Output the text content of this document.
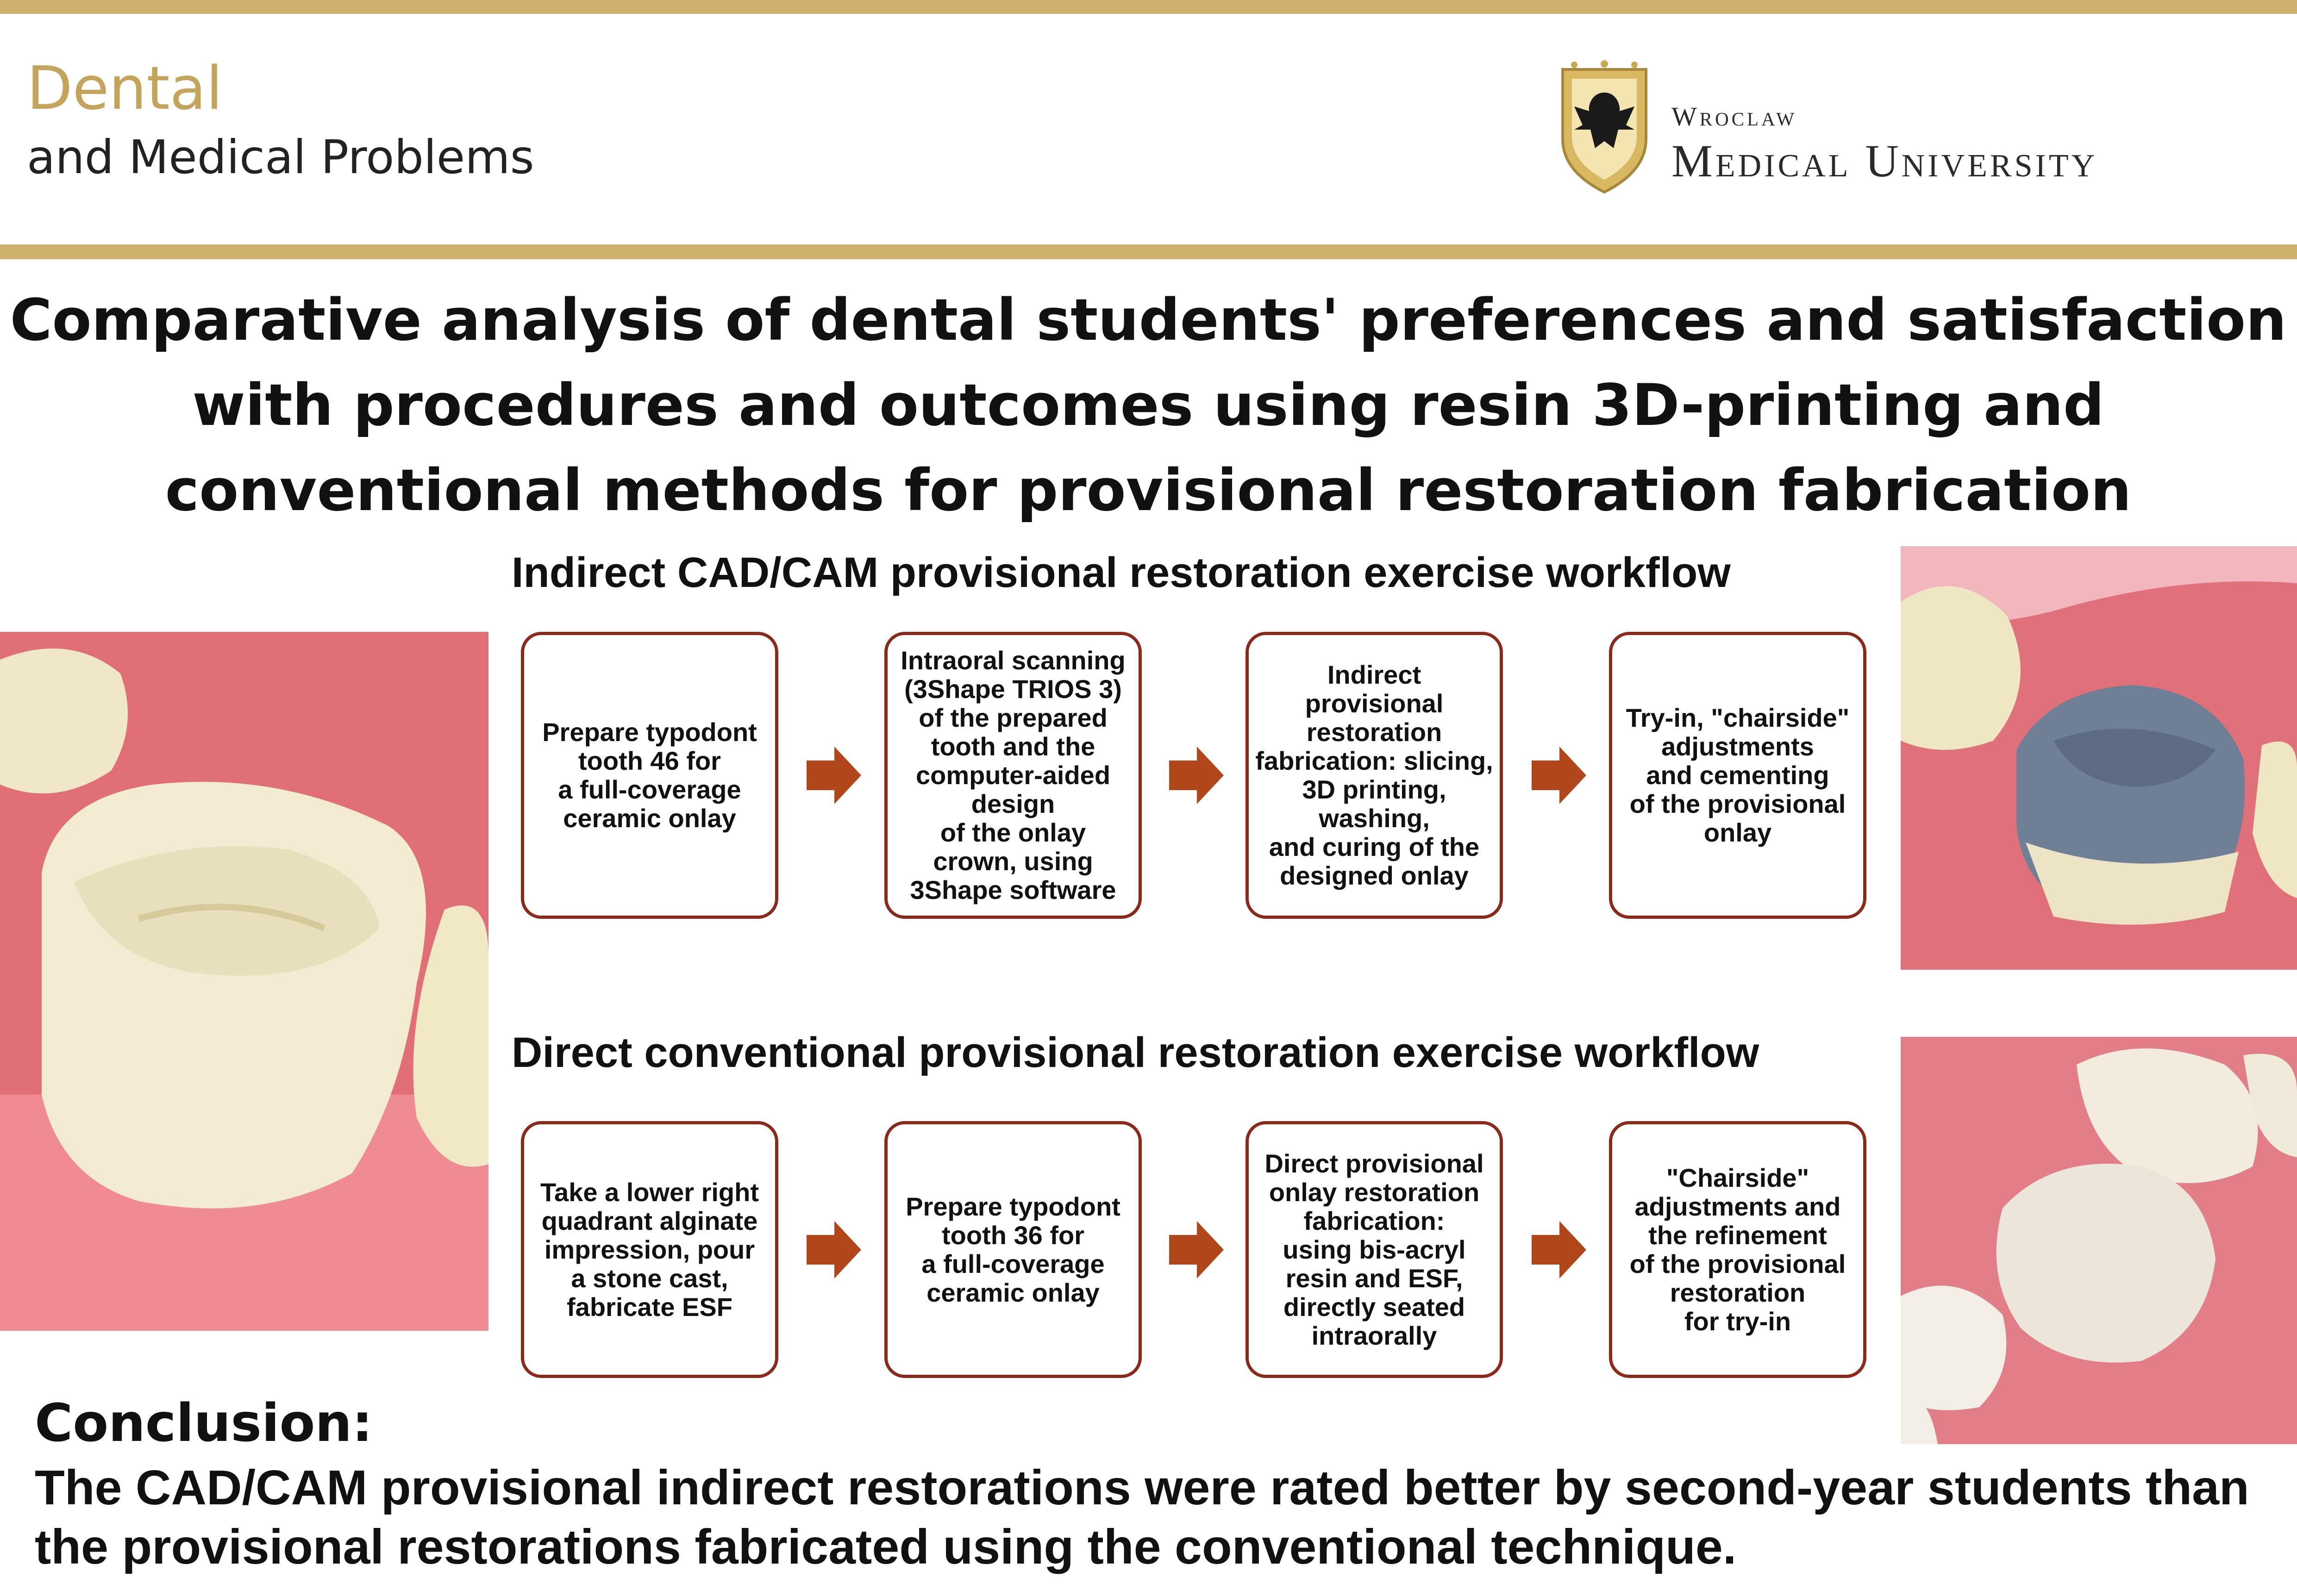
Dental
and Medical Problems
Wroclaw
Medical University
Comparative analysis of dental students' preferences and satisfaction with procedures and outcomes using resin 3D-printing and conventional methods for provisional restoration fabrication
Indirect CAD/CAM provisional restoration exercise workflow
Prepare typodont
tooth 46 for
a full-coverage
ceramic onlay
Intraoral scanning
(3Shape TRIOS 3)
of the prepared
tooth and the
computer-aided
design
of the onlay
crown, using
3Shape software
Indirect
provisional
restoration
fabrication: slicing,
3D printing,
washing,
and curing of the
designed onlay
Try-in, "chairside"
adjustments
and cementing
of the provisional
onlay
Direct conventional provisional restoration exercise workflow
Take a lower right
quadrant alginate
impression, pour
a stone cast,
fabricate ESF
Prepare typodont
tooth 36 for
a full-coverage
ceramic onlay
Direct provisional
onlay restoration
fabrication:
using bis-acryl
resin and ESF,
directly seated
intraorally
"Chairside"
adjustments and
the refinement
of the provisional
restoration
for try-in
Conclusion:
The CAD/CAM provisional indirect restorations were rated better by second-year students than the provisional restorations fabricated using the conventional technique.
